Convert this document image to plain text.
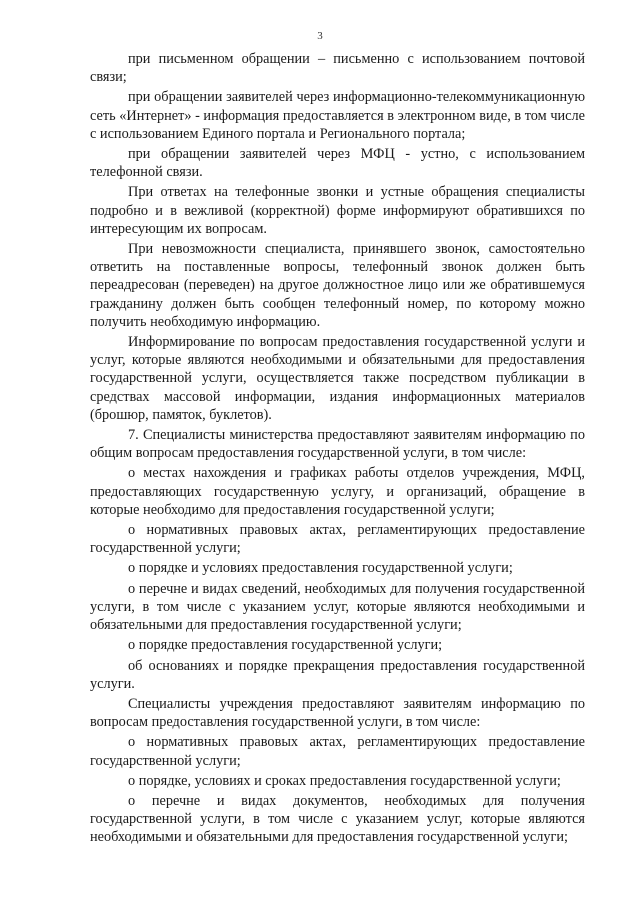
3

при письменном обращении – письменно с использованием почтовой связи;

при обращении заявителей через информационно-телекоммуникационную сеть «Интернет» - информация предоставляется в электронном виде, в том числе с использованием Единого портала и Регионального портала;

при обращении заявителей через МФЦ - устно, с использованием телефонной связи.

При ответах на телефонные звонки и устные обращения специалисты подробно и в вежливой (корректной) форме информируют обратившихся по интересующим их вопросам.

При невозможности специалиста, принявшего звонок, самостоятельно ответить на поставленные вопросы, телефонный звонок должен быть переадресован (переведен) на другое должностное лицо или же обратившемуся гражданину должен быть сообщен телефонный номер, по которому можно получить необходимую информацию.

Информирование по вопросам предоставления государственной услуги и услуг, которые являются необходимыми и обязательными для предоставления государственной услуги, осуществляется также посредством публикации в средствах массовой информации, издания информационных материалов (брошюр, памяток, буклетов).

7. Специалисты министерства предоставляют заявителям информацию по общим вопросам предоставления государственной услуги, в том числе:

о местах нахождения и графиках работы отделов учреждения, МФЦ, предоставляющих государственную услугу, и организаций, обращение в которые необходимо для предоставления государственной услуги;

о нормативных правовых актах, регламентирующих предоставление государственной услуги;

о порядке и условиях предоставления государственной услуги;

о перечне и видах сведений, необходимых для получения государственной услуги, в том числе с указанием услуг, которые являются необходимыми и обязательными для предоставления государственной услуги;

о порядке предоставления государственной услуги;

об основаниях и порядке прекращения предоставления государственной услуги.

Специалисты учреждения предоставляют заявителям информацию по вопросам предоставления государственной услуги, в том числе:

о нормативных правовых актах, регламентирующих предоставление государственной услуги;

о порядке, условиях и сроках предоставления государственной услуги;

о перечне и видах документов, необходимых для получения государственной услуги, в том числе с указанием услуг, которые являются необходимыми и обязательными для предоставления государственной услуги;
